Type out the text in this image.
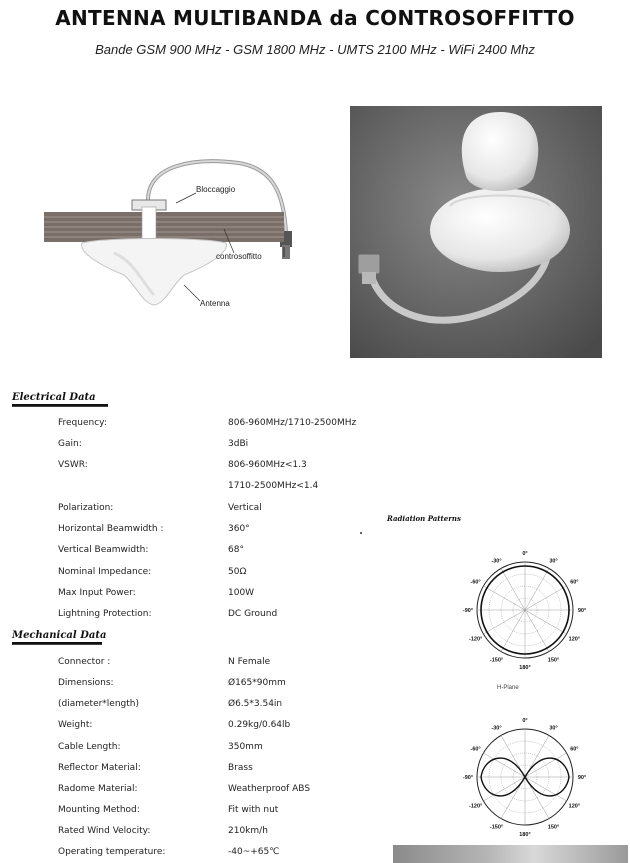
ANTENNA MULTIBANDA da CONTROSOFFITTO
Bande GSM 900 MHz - GSM 1800 MHz - UMTS 2100 MHz - WiFi 2400 Mhz
Bloccaggio
controsoffitto
Antenna
Electrical Data
Frequency:	806-960MHz/1710-2500MHz
Gain:	3dBi
VSWR:	806-960MHz<1.3
1710-2500MHz<1.4
Polarization:	Vertical
Horizontal Beamwidth :	360°
Vertical Beamwidth:	68°
Nominal Impedance:	50Ω
Max Input Power:	100W
Lightning Protection:	DC Ground
Mechanical Data
Connector :	N Female
Dimensions:	Ø165*90mm
(diameter*length)	Ø6.5*3.54in
Weight:	0.29kg/0.64lb
Cable Length:	350mm
Reflector Material:	Brass
Radome Material:	Weatherproof ABS
Mounting Method:	Fit with nut
Rated Wind Velocity:	210km/h
Operating temperature:	-40~+65℃
Radiation Patterns
0°
30°
60°
90°
120°
150°
180°
-150°
-120°
-90°
-60°
-30°
H-Plane
0°
30°
60°
90°
120°
150°
180°
-150°
-120°
-90°
-60°
-30°
